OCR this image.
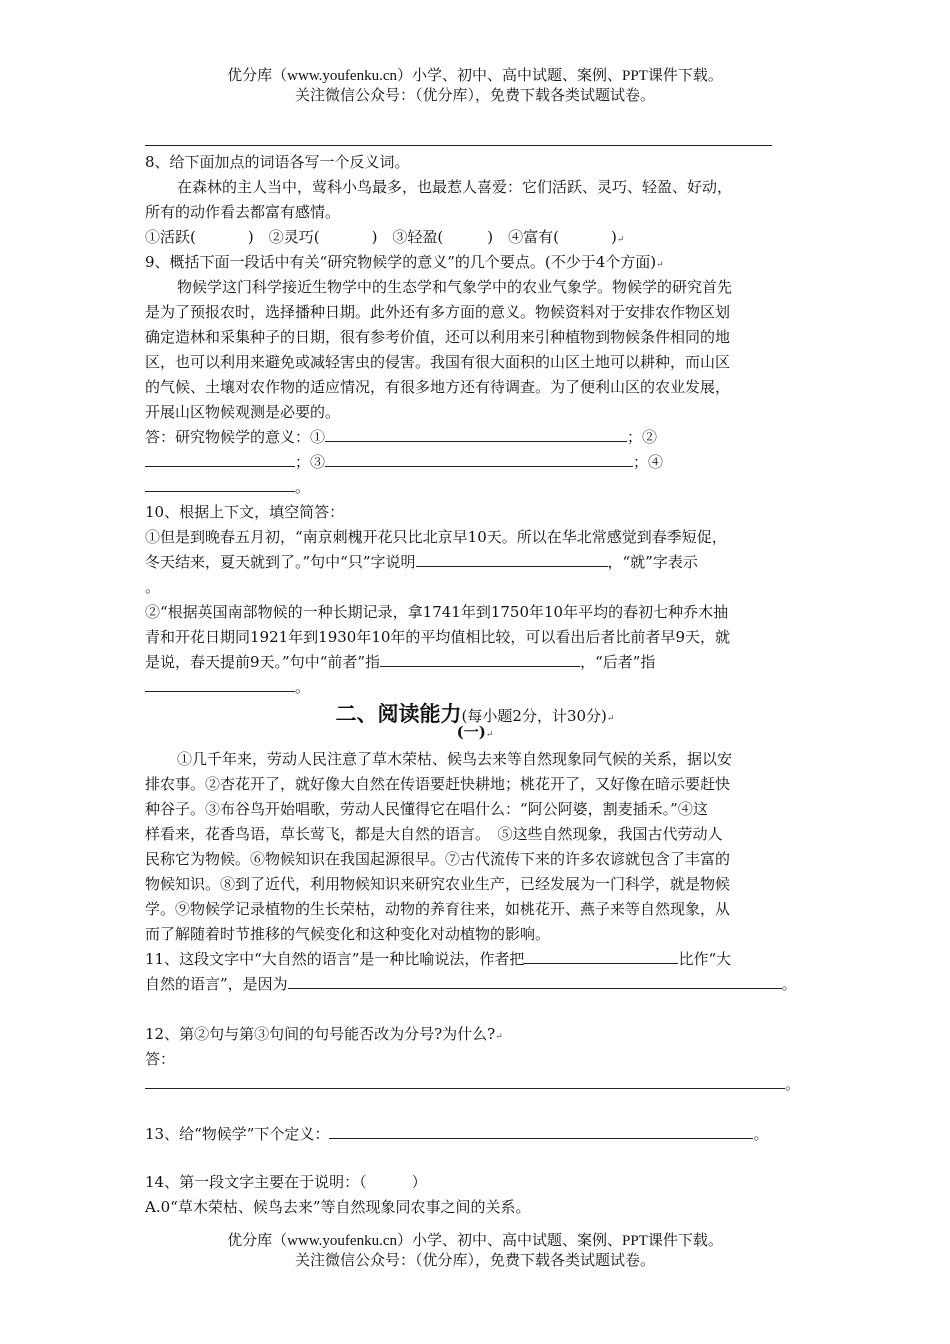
优分库（www.youfenku.cn）小学、初中、高中试题、案例、PPT课件下载。
关注微信公众号：（优分库），免费下载各类试题试卷。
8、给下面加点的词语各写一个反义词。
在森林的主人当中，莺科小鸟最多，也最惹人喜爱：它们活跃、灵巧、轻盈、好动，
所有的动作看去都富有感情。
①活跃(	)　②灵巧(	)　③轻盈(	)　④富有(	)↵
9、概括下面一段话中有关“研究物候学的意义”的几个要点。(不少于4个方面)↵
物候学这门科学接近生物学中的生态学和气象学中的农业气象学。物候学的研究首先
是为了预报农时，选择播种日期。此外还有多方面的意义。物候资料对于安排农作物区划
确定造林和采集种子的日期，很有参考价值，还可以利用来引种植物到物候条件相同的地
区，也可以利用来避免或减轻害虫的侵害。我国有很大面积的山区土地可以耕种，而山区
的气候、土壤对农作物的适应情况，有很多地方还有待调查。为了便利山区的农业发展，
开展山区物候观测是必要的。
答：研究物候学的意义：①	；②
；③	；④
。
10、根据上下文，填空简答：
①但是到晚春五月初，“南京刺槐开花只比北京早10天。所以在华北常感觉到春季短促，
冬天结来，夏天就到了。”句中“只”字说明	，“就”字表示
。
②“根据英国南部物候的一种长期记录，拿1741年到1750年10年平均的春初七种乔木抽
青和开花日期同1921年到1930年10年的平均值相比较，可以看出后者比前者早9天，就
是说，春天提前9天。”句中“前者”指	，“后者”指
。
二、阅读能力(每小题2分，计30分)↵
(一)↵
①几千年来，劳动人民注意了草木荣枯、候鸟去来等自然现象同气候的关系，据以安
排农事。②杏花开了，就好像大自然在传语要赶快耕地；桃花开了，又好像在暗示要赶快
种谷子。③布谷鸟开始唱歌，劳动人民懂得它在唱什么：“阿公阿婆，割麦插禾。”④这
样看来，花香鸟语，草长莺飞，都是大自然的语言。　⑤这些自然现象，我国古代劳动人
民称它为物候。⑥物候知识在我国起源很早。⑦古代流传下来的许多农谚就包含了丰富的
物候知识。⑧到了近代，利用物候知识来研究农业生产，已经发展为一门科学，就是物候
学。⑨物候学记录植物的生长荣枯，动物的养育往来，如桃花开、燕子来等自然现象，从
而了解随着时节推移的气候变化和这种变化对动植物的影响。
11、这段文字中“大自然的语言”是一种比喻说法，作者把	比作“大
自然的语言”，是因为	。
12、第②句与第③句间的句号能否改为分号?为什么?↵
答：
。
13、给“物候学”下个定义：	。
14、第一段文字主要在于说明：（　　　）
A.0“草木荣枯、候鸟去来”等自然现象同农事之间的关系。
优分库（www.youfenku.cn）小学、初中、高中试题、案例、PPT课件下载。
关注微信公众号：（优分库），免费下载各类试题试卷。
